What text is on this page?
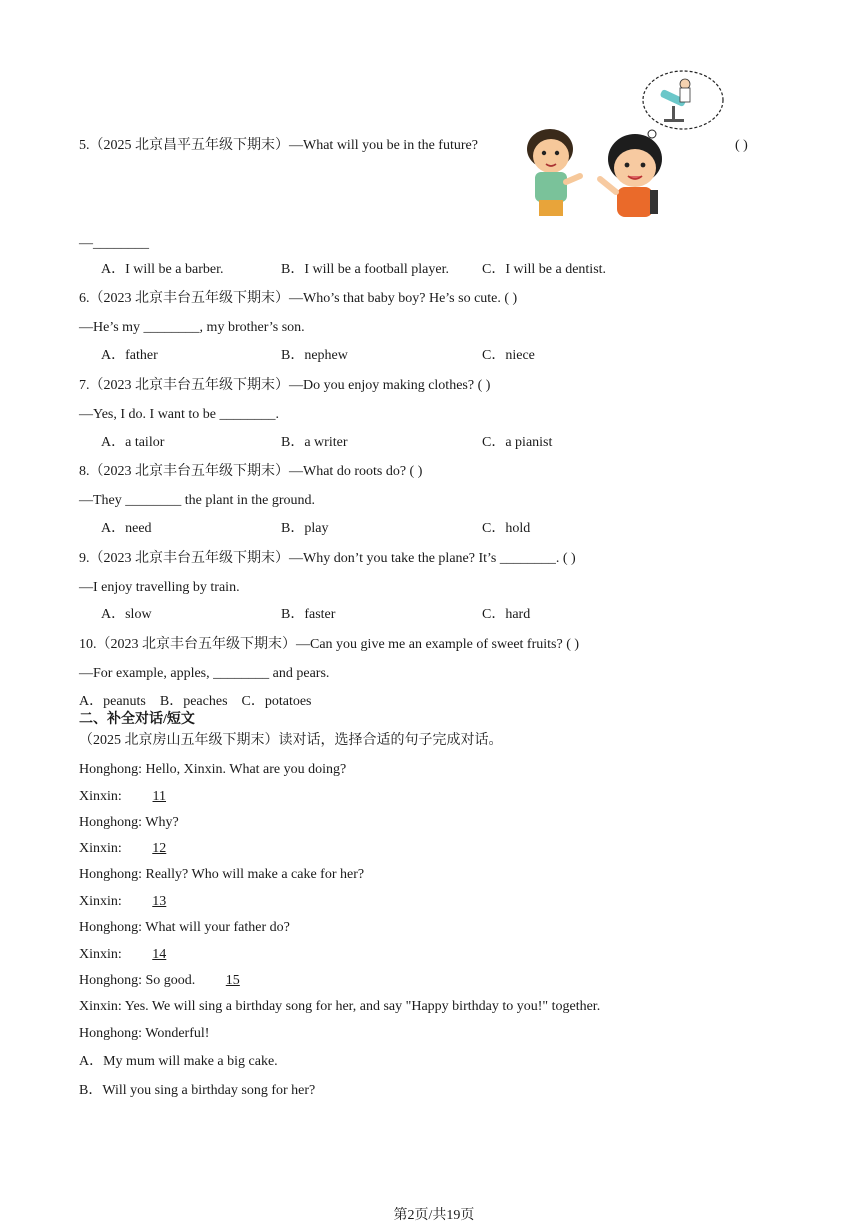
5.（2025 北京昌平五年级下期末）—What will you be in the future?	( )
—________
A．I will be a barber.	B．I will be a football player. C．I will be a dentist.
6.（2023 北京丰台五年级下期末）—Who’s that baby boy? He’s so cute. ( )
—He’s my ________, my brother’s son.
A．father	B．nephew	C．niece
7.（2023 北京丰台五年级下期末）—Do you enjoy making clothes? ( )
—Yes, I do. I want to be ________.
A．a tailor	B．a writer	C．a pianist
8.（2023 北京丰台五年级下期末）—What do roots do? ( )
—They ________ the plant in the ground.
A．need	B．play	C．hold
9.（2023 北京丰台五年级下期末）—Why don’t you take the plane? It’s ________. ( )
—I enjoy travelling by train.
A．slow	B．faster	C．hard
10.（2023 北京丰台五年级下期末）—Can you give me an example of sweet fruits? ( )
—For example, apples, ________ and pears.
A．peanuts    B．peaches    C．potatoes
二、补全对话/短文
（2025 北京房山五年级下期末）读对话，选择合适的句子完成对话。
Honghong: Hello, Xinxin. What are you doing?
Xinxin: 11
Honghong: Why?
Xinxin: 12
Honghong: Really? Who will make a cake for her?
Xinxin: 13
Honghong: What will your father do?
Xinxin: 14
Honghong: So good. 15
Xinxin: Yes. We will sing a birthday song for her, and say "Happy birthday to you!" together.
Honghong: Wonderful!
A．My mum will make a big cake.
B．Will you sing a birthday song for her?
第2页/共19页
